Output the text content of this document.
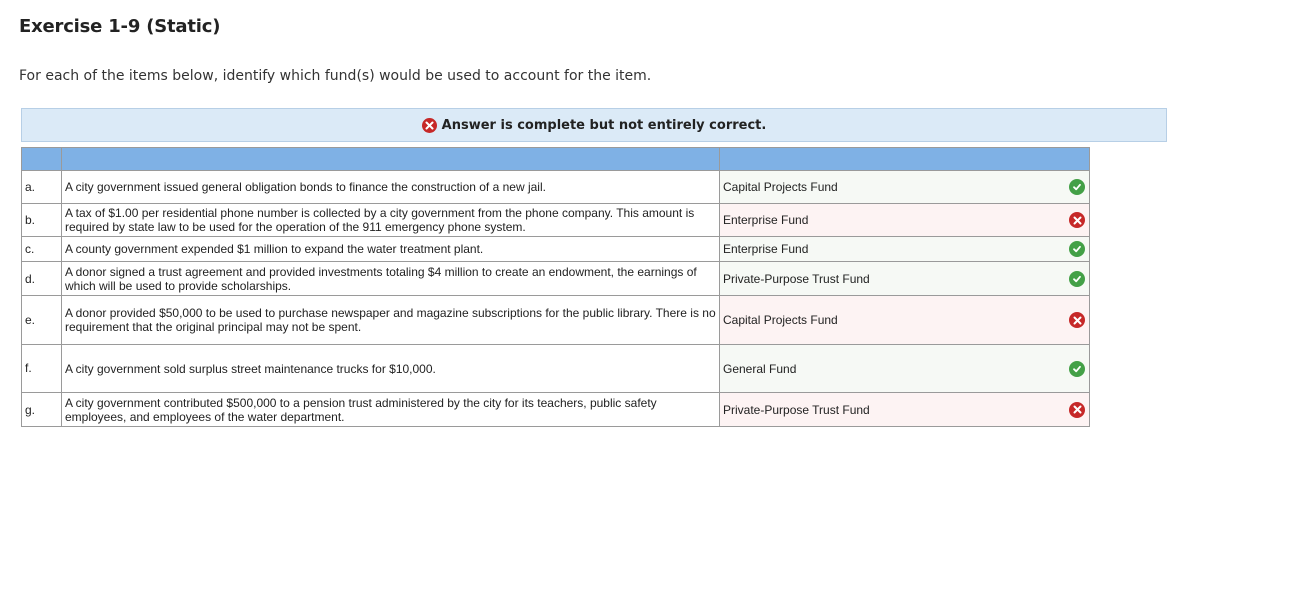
Exercise 1-9 (Static)
For each of the items below, identify which fund(s) would be used to account for the item.
Answer is complete but not entirely correct.

a.	A city government issued general obligation bonds to finance the construction of a new jail.	Capital Projects Fund

b.	A tax of $1.00 per residential phone number is collected by a city government from the phone company. This amount is required by state law to be used for the operation of the 911 emergency phone system.	Enterprise Fund

c.	A county government expended $1 million to expand the water treatment plant.	Enterprise Fund

d.	A donor signed a trust agreement and provided investments totaling $4 million to create an endowment, the earnings of which will be used to provide scholarships.	Private-Purpose Trust Fund

e.	A donor provided $50,000 to be used to purchase newspaper and magazine subscriptions for the public library. There is no requirement that the original principal may not be spent.	Capital Projects Fund

f.	A city government sold surplus street maintenance trucks for $10,000.	General Fund

g.	A city government contributed $500,000 to a pension trust administered by the city for its teachers, public safety employees, and employees of the water department.	Private-Purpose Trust Fund
